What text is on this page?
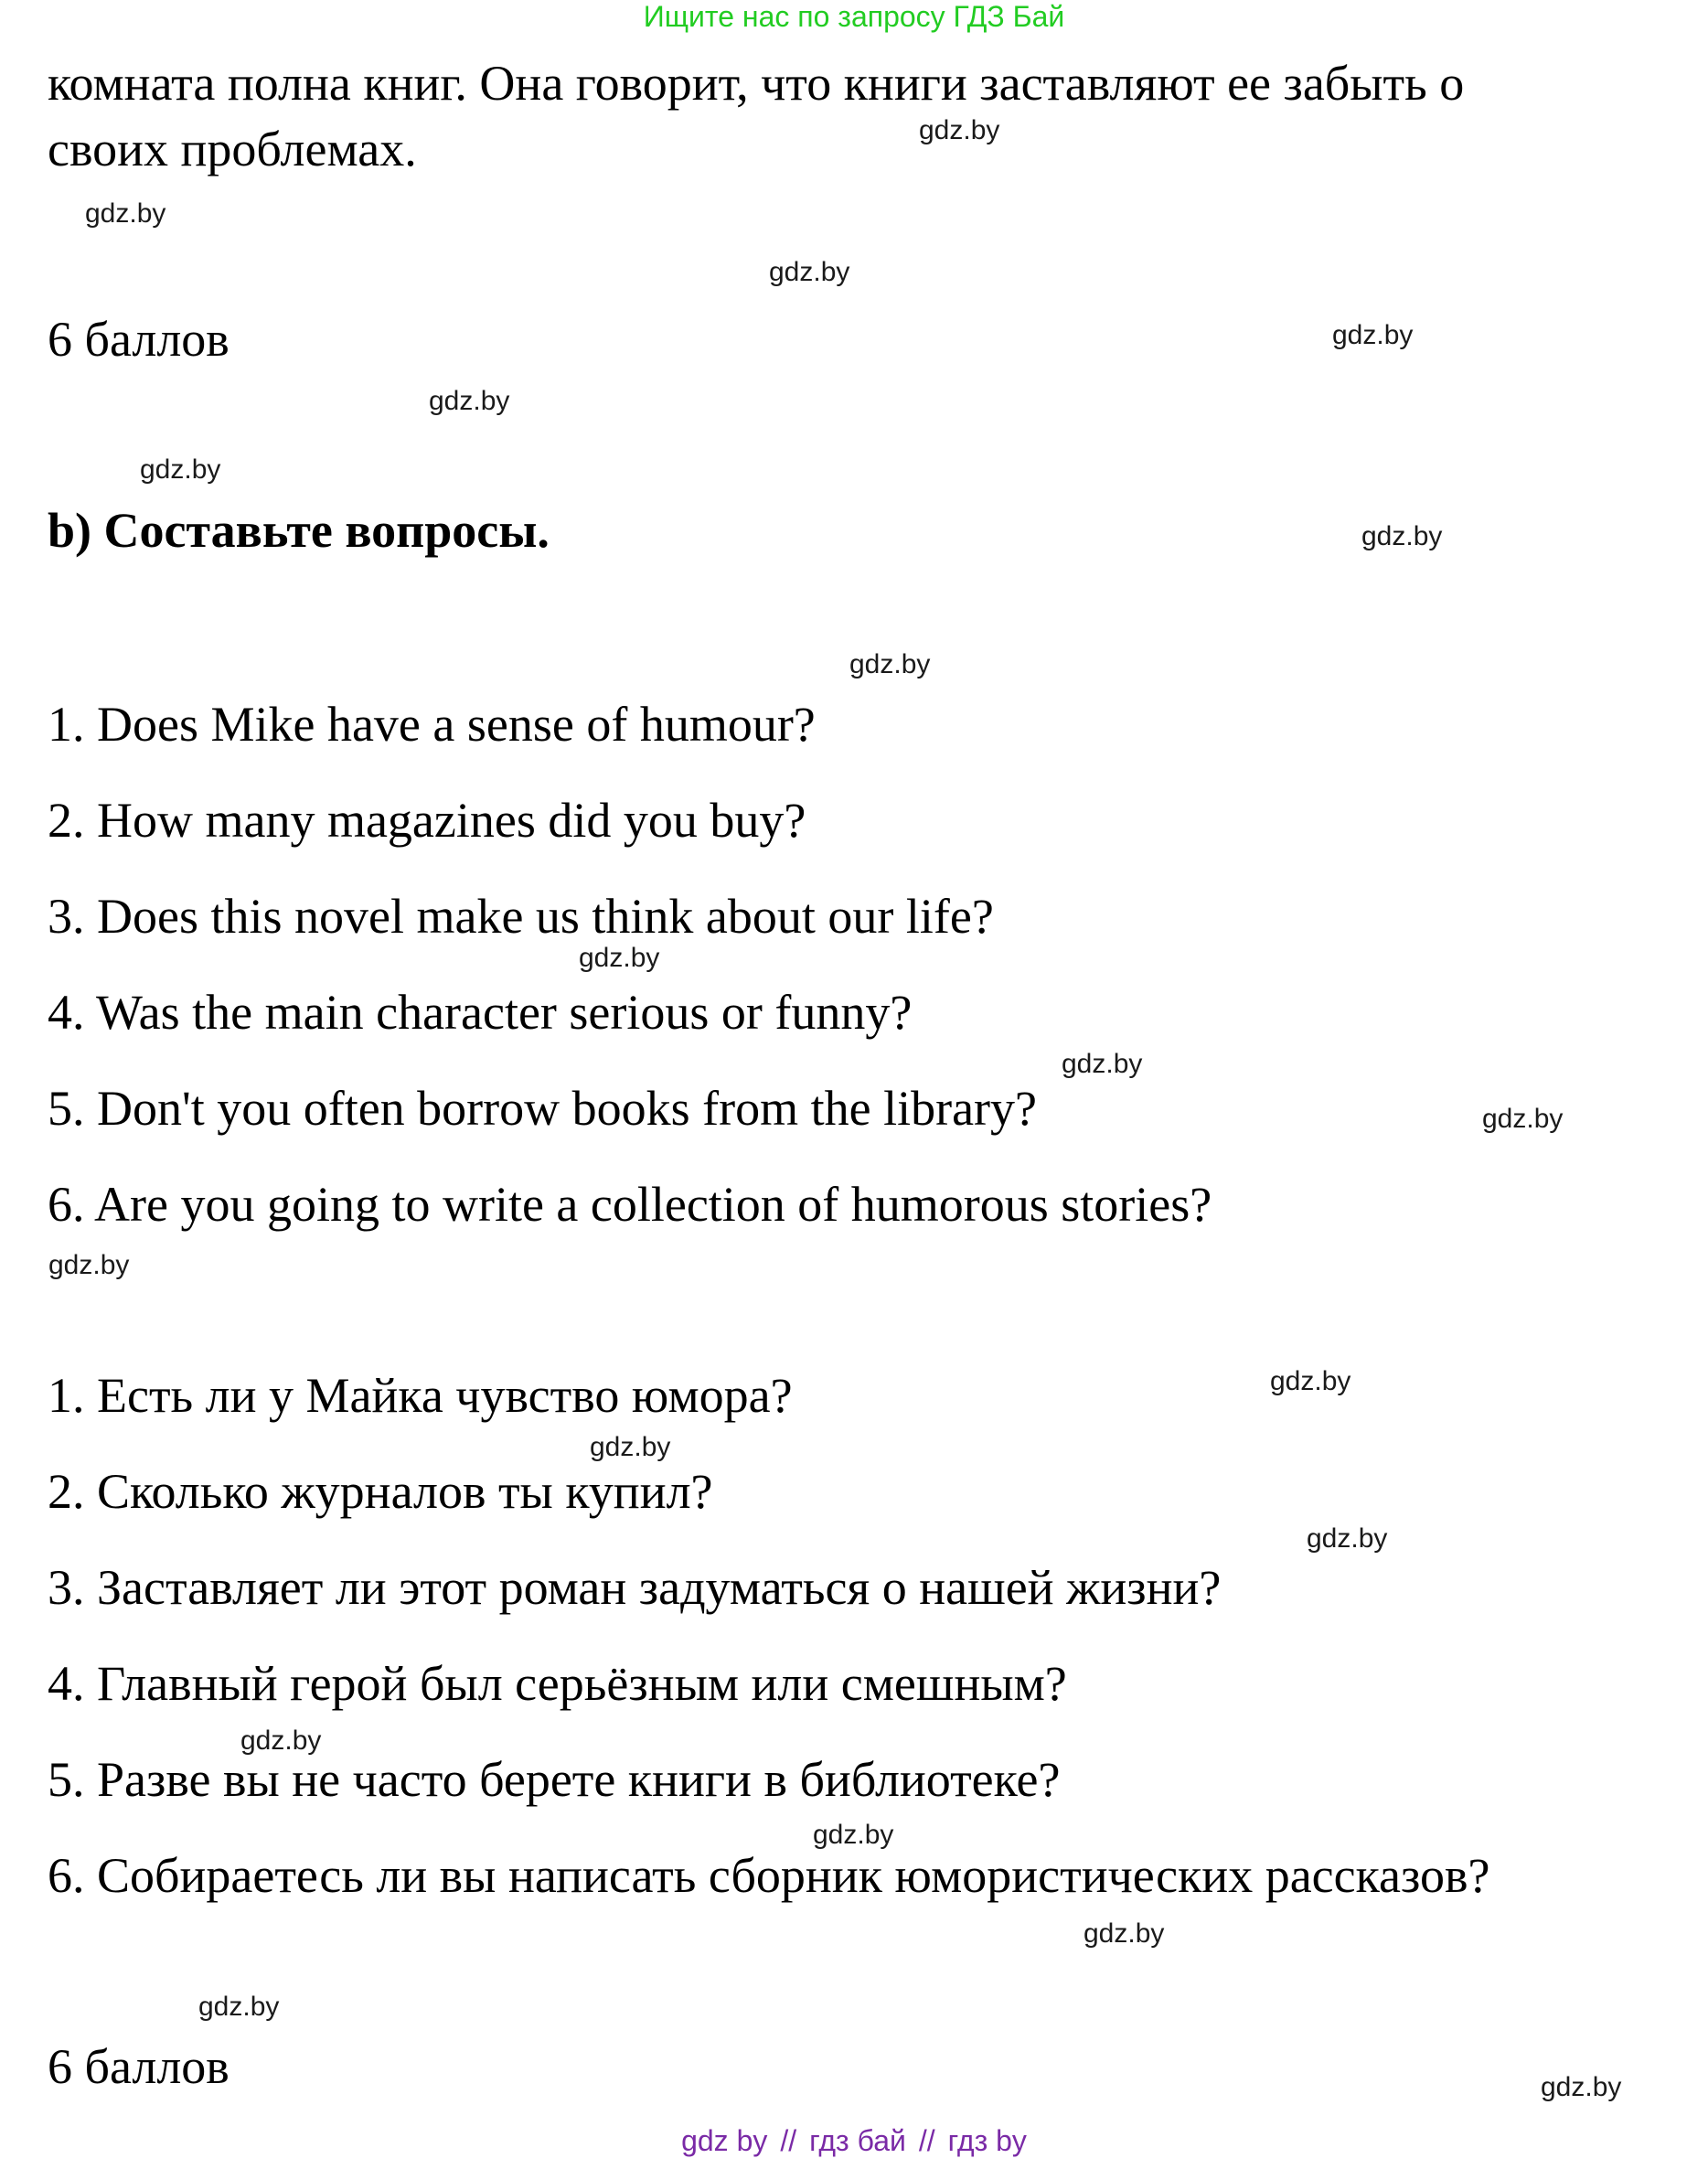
Ищите нас по запросу ГДЗ Бай
комната полна книг. Она говорит, что книги заставляют ее забыть о
своих проблемах.
6 баллов
b) Составьте вопросы.
1. Does Mike have a sense of humour?
2. How many magazines did you buy?
3. Does this novel make us think about our life?
4. Was the main character serious or funny?
5. Don't you often borrow books from the library?
6. Are you going to write a collection of humorous stories?
1. Есть ли у Майка чувство юмора?
2. Сколько журналов ты купил?
3. Заставляет ли этот роман задуматься о нашей жизни?
4. Главный герой был серьёзным или смешным?
5. Разве вы не часто берете книги в библиотеке?
6. Собираетесь ли вы написать сборник юмористических рассказов?
6 баллов
gdz.by
gdz.by
gdz.by
gdz.by
gdz.by
gdz.by
gdz.by
gdz.by
gdz.by
gdz.by
gdz.by
gdz.by
gdz.by
gdz.by
gdz.by
gdz.by
gdz.by
gdz.by
gdz.by
gdz.by
gdz by // гдз бай // гдз by
